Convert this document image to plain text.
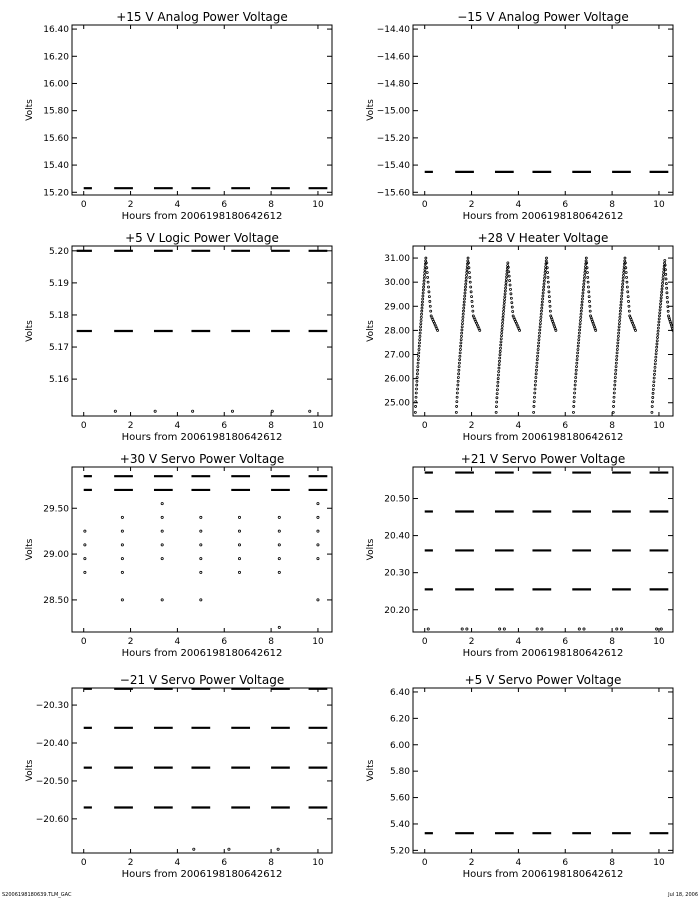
+15 V Analog Power Voltage
0	2	4	6	8	10
15.20
15.40
15.60
15.80
16.00
16.20
16.40
Hours from 2006198180642612
Volts
−15 V Analog Power Voltage
0	2	4	6	8	10
−15.60
−15.40
−15.20
−15.00
−14.80
−14.60
−14.40
Hours from 2006198180642612
Volts
+5 V Logic Power Voltage
0	2	4	6	8	10
5.16
5.17
5.18
5.19
5.20
Hours from 2006198180642612
Volts
+28 V Heater Voltage
0	2	4	6	8	10
25.00
26.00
27.00
28.00
29.00
30.00
31.00
Hours from 2006198180642612
Volts
+30 V Servo Power Voltage
0	2	4	6	8	10
28.50
29.00
29.50
Hours from 2006198180642612
Volts
+21 V Servo Power Voltage
0	2	4	6	8	10
20.20
20.30
20.40
20.50
Hours from 2006198180642612
Volts
−21 V Servo Power Voltage
0	2	4	6	8	10
−20.60
−20.50
−20.40
−20.30
Hours from 2006198180642612
Volts
+5 V Servo Power Voltage
0	2	4	6	8	10
5.20
5.40
5.60
5.80
6.00
6.20
6.40
Hours from 2006198180642612
Volts
S2006198180639.TLM_GAC	Jul 18, 2006
